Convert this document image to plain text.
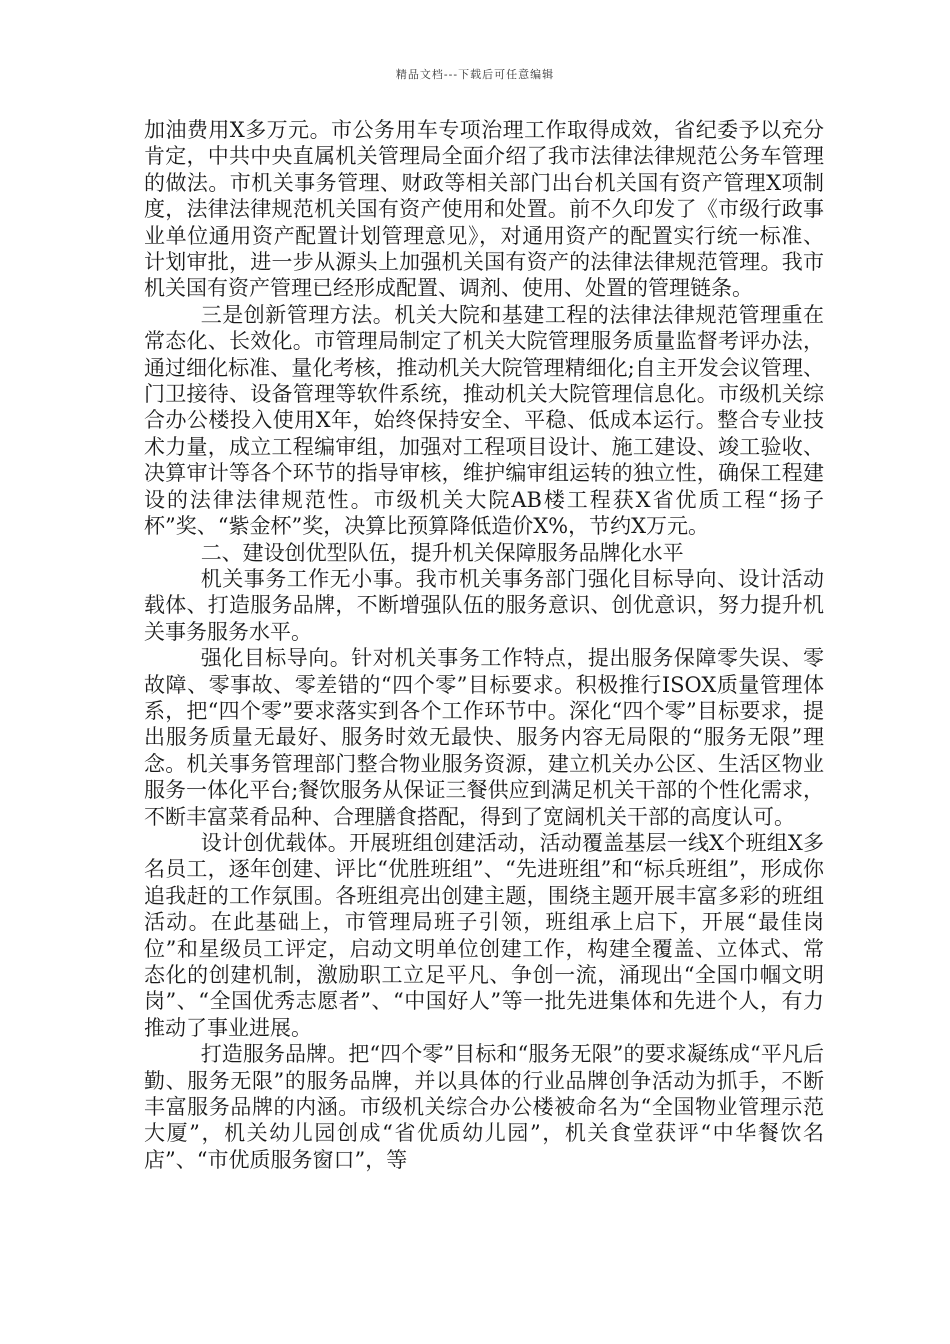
精品文档---下载后可任意编辑

加油费用Ⅹ多万元。市公务用车专项治理工作取得成效，省纪委予以充分肯定，中共中央直属机关管理局全面介绍了我市法律法律规范公务车管理的做法。市机关事务管理、财政等相关部门出台机关国有资产管理Ⅹ项制度，法律法律规范机关国有资产使用和处置。前不久印发了《市级行政事业单位通用资产配置计划管理意见》，对通用资产的配置实行统一标准、计划审批，进一步从源头上加强机关国有资产的法律法律规范管理。我市机关国有资产管理已经形成配置、调剂、使用、处置的管理链条。

三是创新管理方法。机关大院和基建工程的法律法律规范管理重在常态化、长效化。市管理局制定了机关大院管理服务质量监督考评办法，通过细化标准、量化考核，推动机关大院管理精细化;自主开发会议管理、门卫接待、设备管理等软件系统，推动机关大院管理信息化。市级机关综合办公楼投入使用Ⅹ年，始终保持安全、平稳、低成本运行。整合专业技术力量，成立工程编审组，加强对工程项目设计、施工建设、竣工验收、决算审计等各个环节的指导审核，维护编审组运转的独立性，确保工程建设的法律法律规范性。市级机关大院AB楼工程获Ⅹ省优质工程“扬子杯”奖、“紫金杯”奖，决算比预算降低造价Ⅹ%，节约Ⅹ万元。

二、建设创优型队伍，提升机关保障服务品牌化水平

机关事务工作无小事。我市机关事务部门强化目标导向、设计活动载体、打造服务品牌，不断增强队伍的服务意识、创优意识，努力提升机关事务服务水平。

强化目标导向。针对机关事务工作特点，提出服务保障零失误、零故障、零事故、零差错的“四个零”目标要求。积极推行ISOX质量管理体系，把“四个零”要求落实到各个工作环节中。深化“四个零”目标要求，提出服务质量无最好、服务时效无最快、服务内容无局限的“服务无限”理念。机关事务管理部门整合物业服务资源，建立机关办公区、生活区物业服务一体化平台;餐饮服务从保证三餐供应到满足机关干部的个性化需求，不断丰富菜肴品种、合理膳食搭配，得到了宽阔机关干部的高度认可。

设计创优载体。开展班组创建活动，活动覆盖基层一线Ⅹ个班组Ⅹ多名员工，逐年创建、评比“优胜班组”、“先进班组”和“标兵班组”，形成你追我赶的工作氛围。各班组亮出创建主题，围绕主题开展丰富多彩的班组活动。在此基础上，市管理局班子引领，班组承上启下，开展“最佳岗位”和星级员工评定，启动文明单位创建工作，构建全覆盖、立体式、常态化的创建机制，激励职工立足平凡、争创一流，涌现出“全国巾帼文明岗”、“全国优秀志愿者”、“中国好人”等一批先进集体和先进个人，有力推动了事业进展。

打造服务品牌。把“四个零”目标和“服务无限”的要求凝练成“平凡后勤、服务无限”的服务品牌，并以具体的行业品牌创争活动为抓手，不断丰富服务品牌的内涵。市级机关综合办公楼被命名为“全国物业管理示范大厦”，机关幼儿园创成“省优质幼儿园”，机关食堂获评“中华餐饮名店”、“市优质服务窗口”，等
